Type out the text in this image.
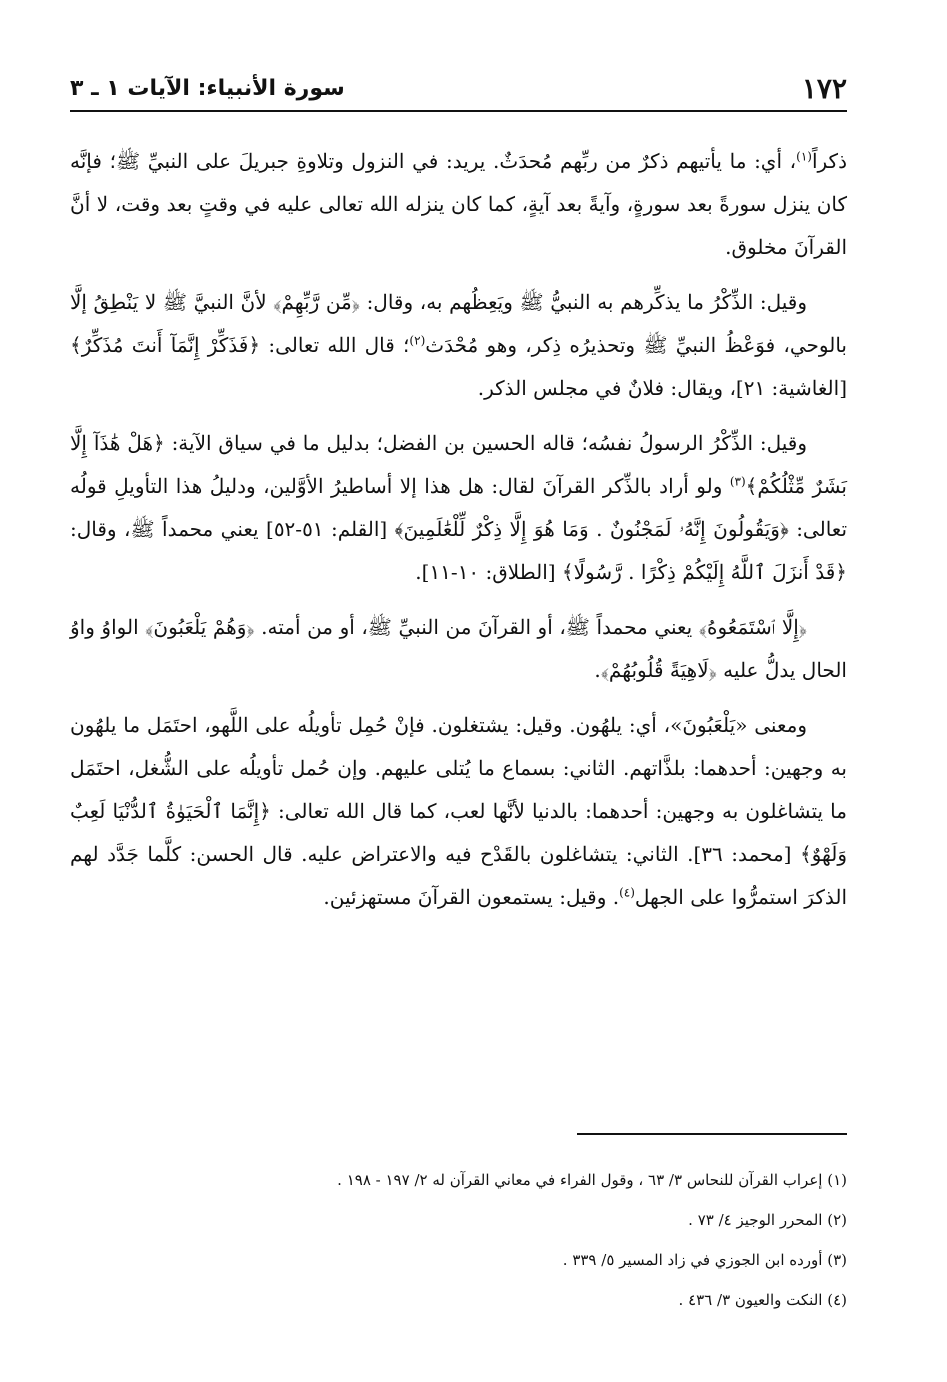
١٧٢
سورة الأنبياء: الآيات ١ ـ ٣

ذكراً$^{(١)}$، أي: ما يأتيهم ذكرٌ من ربِّهم مُحدَثٌ. يريد: في النزول وتلاوةِ جبريلَ على النبيِّ ﷺ؛ فإنَّه كان ينزل سورةً بعد سورةٍ، وآيةً بعد آيةٍ، كما كان ينزله الله تعالى عليه في وقتٍ بعد وقت، لا أنَّ القرآنَ مخلوق.

وقيل: الذِّكْرُ ما يذكِّرهم به النبيُّ ﷺ ويَعِظُهم به، وقال: ﴿مِّن رَّبِّهِمْ﴾ لأنَّ النبيَّ ﷺ لا يَنْطِقُ إلَّا بالوحي، فوَعْظُ النبيِّ ﷺ وتحذيرُه ذِكر، وهو مُحْدَث$^{(٢)}$؛ قال الله تعالى: ﴿فَذَكِّرْ إِنَّمَآ أَنتَ مُذَكِّرٌ﴾ [الغاشية: ٢١]، ويقال: فلانٌ في مجلس الذكر.

وقيل: الذِّكْرُ الرسولُ نفسُه؛ قاله الحسين بن الفضل؛ بدليل ما في سياق الآية: ﴿هَلْ هَٰذَآ إِلَّا بَشَرٌ مِّثْلُكُمْ﴾$^{(٣)}$ ولو أراد بالذِّكر القرآنَ لقال: هل هذا إلا أساطيرُ الأوَّلين، ودليلُ هذا التأويلِ قولُه تعالى: ﴿وَيَقُولُونَ إِنَّهُۥ لَمَجْنُونٌ . وَمَا هُوَ إِلَّا ذِكْرٌ لِّلْعَٰلَمِينَ﴾ [القلم: ٥١-٥٢] يعني محمداً ﷺ، وقال: ﴿قَدْ أَنزَلَ ٱللَّهُ إِلَيْكُمْ ذِكْرًا . رَّسُولًا﴾ [الطلاق: ١٠-١١].

﴿إِلَّا ٱسْتَمَعُوهُ﴾ يعني محمداً ﷺ، أو القرآنَ من النبيِّ ﷺ، أو من أمته. ﴿وَهُمْ يَلْعَبُونَ﴾ الواوُ واوُ الحال يدلُّ عليه ﴿لَاهِيَةً قُلُوبُهُمْ﴾.

ومعنى «يَلْعَبُونَ»، أي: يلهُون. وقيل: يشتغلون. فإنْ حُمِل تأويلُه على اللَّهو، احتَمَل ما يلهُون به وجهين: أحدهما: بلذَّاتهم. الثاني: بسماع ما يُتلى عليهم. وإن حُمل تأويلُه على الشُّغل، احتَمَل ما يتشاغلون به وجهين: أحدهما: بالدنيا لأنَّها لعب، كما قال الله تعالى: ﴿إِنَّمَا ٱلْحَيَوٰةُ ٱلدُّنْيَا لَعِبٌ وَلَهْوٌ﴾ [محمد: ٣٦]. الثاني: يتشاغلون بالقَدْح فيه والاعتراض عليه. قال الحسن: كلَّما جَدَّد لهم الذكرَ استمرُّوا على الجهل$^{(٤)}$. وقيل: يستمعون القرآنَ مستهزئين.

(١) إعراب القرآن للنحاس ٣/ ٦٣ ، وقول الفراء في معاني القرآن له ٢/ ١٩٧ - ١٩٨ .
(٢) المحرر الوجيز ٤/ ٧٣ .
(٣) أورده ابن الجوزي في زاد المسير ٥/ ٣٣٩ .
(٤) النكت والعيون ٣/ ٤٣٦ .
